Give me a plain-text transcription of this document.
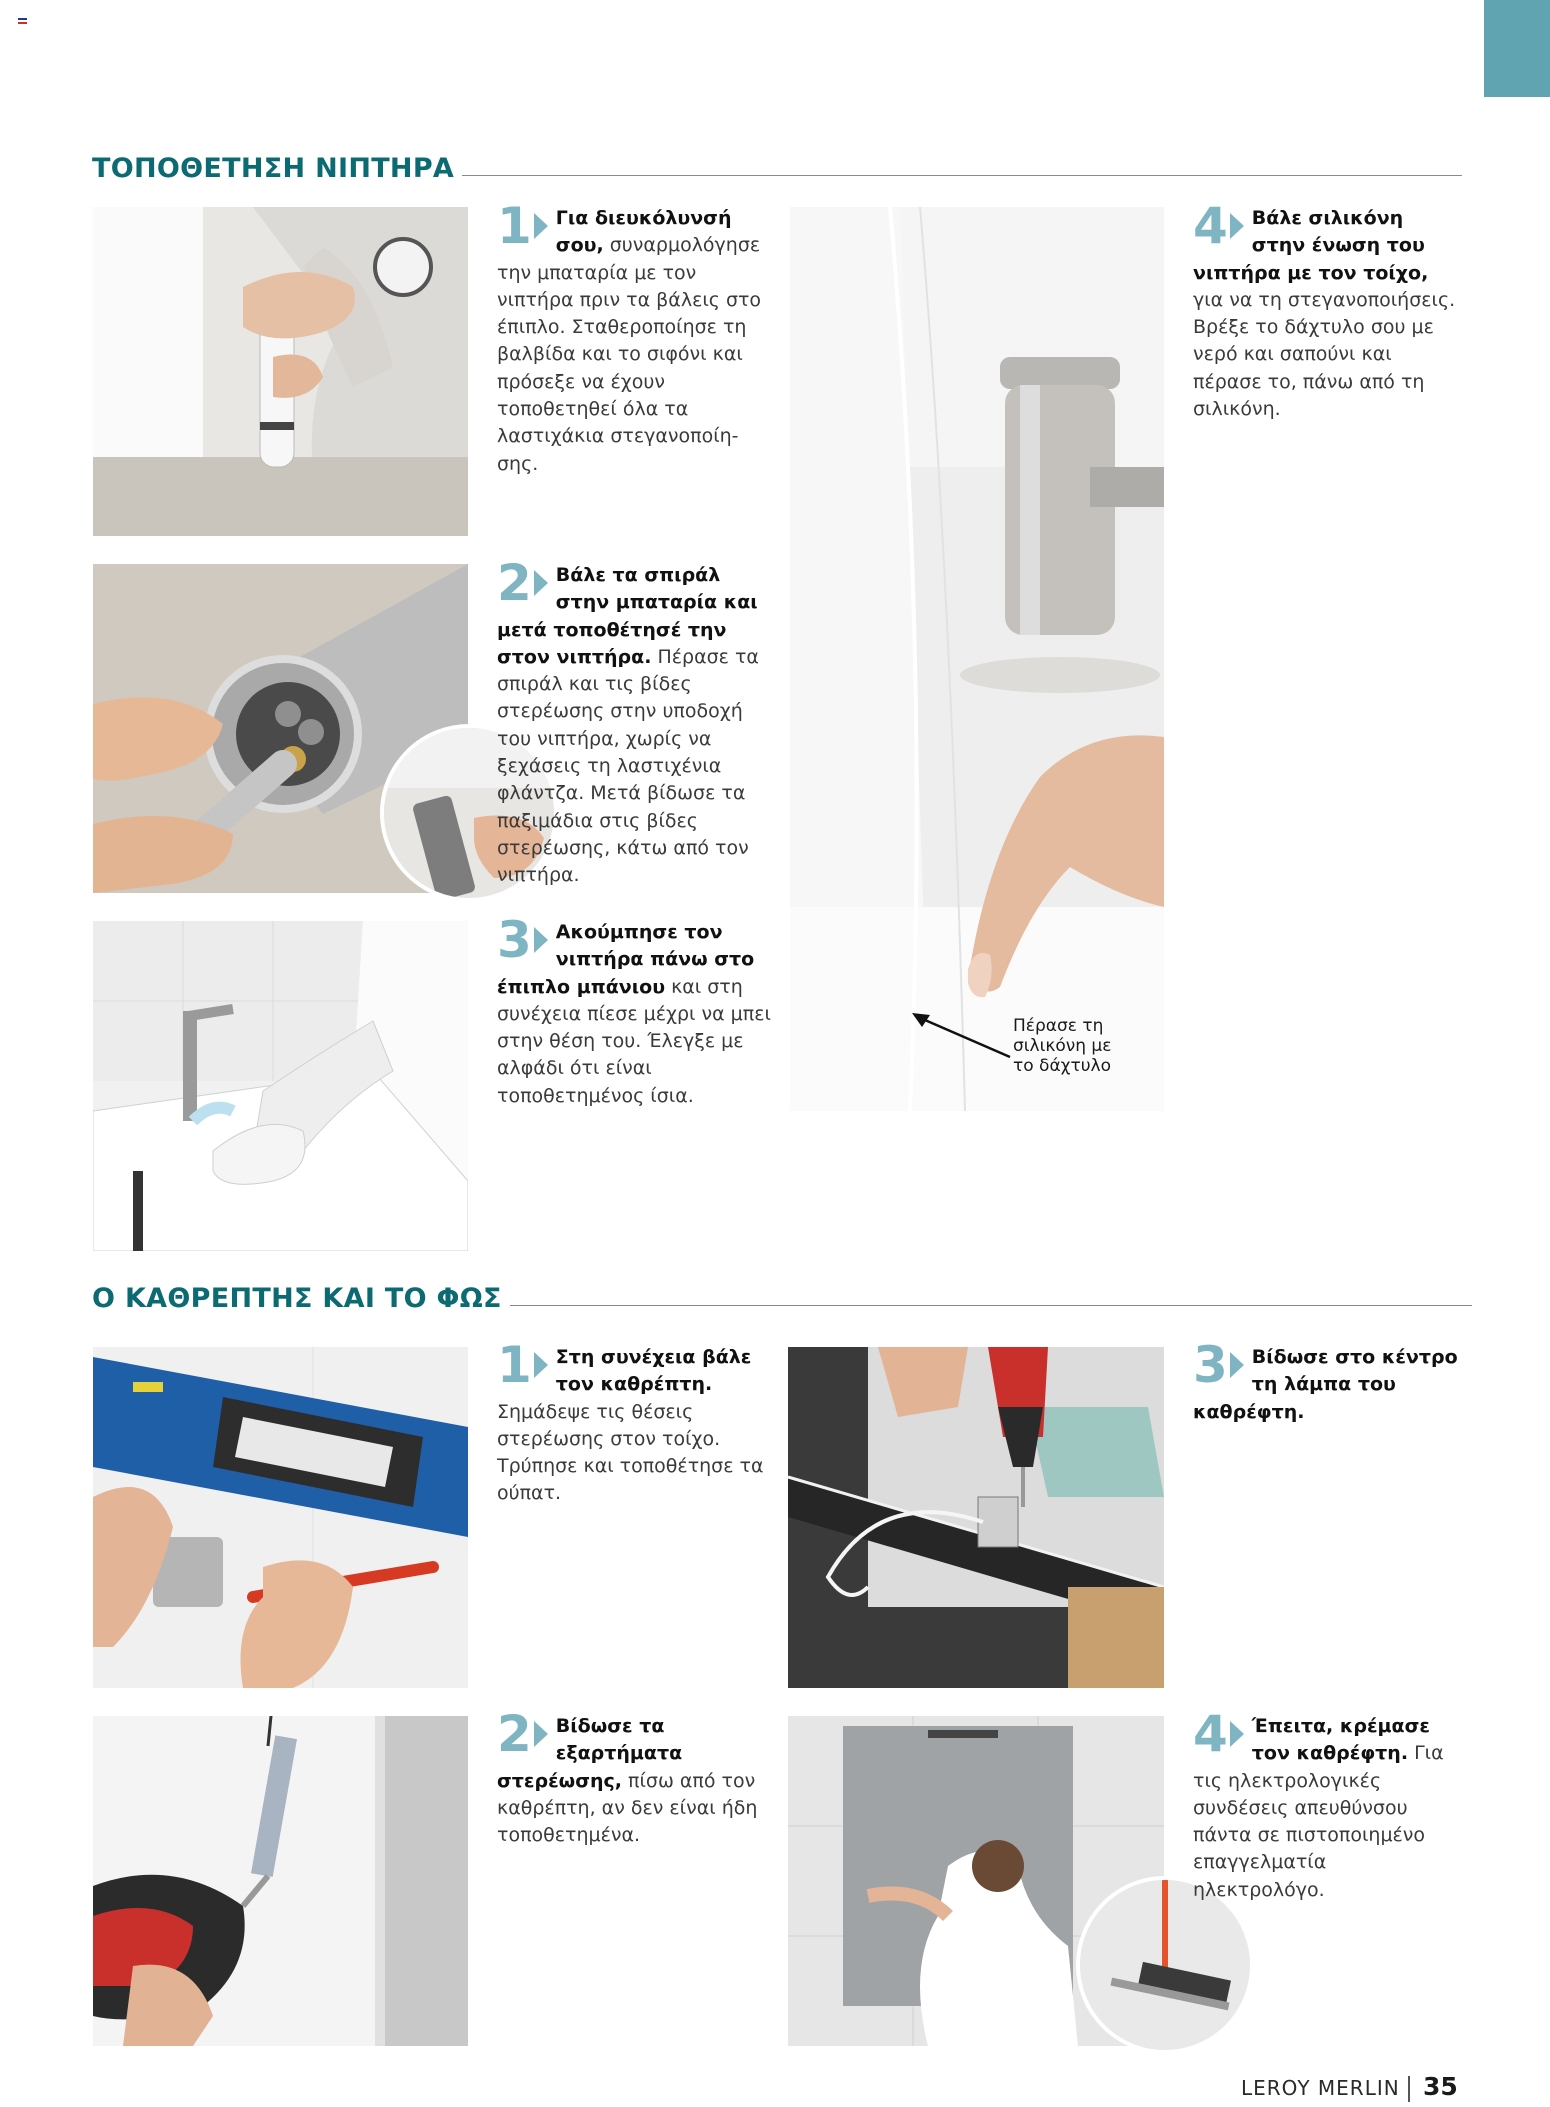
ΤΟΠΟΘΕΤΗΣΗ ΝΙΠΤΗΡΑ
1	Για διευκόλυνσή σου, συναρμολόγησε την μπαταρία με τον νιπτήρα πριν τα βάλεις στο έπιπλο. Σταθεροποίησε τη βαλβίδα και το σιφόνι και πρόσεξε να έχουν τοποθετηθεί όλα τα λαστιχάκια στεγανοποίη-σης.

Πέρασε τη σιλικόνη με το δάχτυλο
4	Βάλε σιλικόνη στην ένωση του νιπτήρα με τον τοίχο, για να τη στεγανοποιήσεις. Βρέξε το δάχτυλο σου με νερό και σαπούνι και πέρασε το, πάνω από τη σιλικόνη.

2	Βάλε τα σπιράλ στην μπαταρία και μετά τοποθέτησέ την στον νιπτήρα. Πέρασε τα σπιράλ και τις βίδες στερέωσης στην υποδοχή του νιπτήρα, χωρίς να ξεχάσεις τη λαστιχένια φλάντζα. Μετά βίδωσε τα παξιμάδια στις βίδες στερέωσης, κάτω από τον νιπτήρα.

3	Ακούμπησε τον νιπτήρα πάνω στο έπιπλο μπάνιου και στη συνέχεια πίεσε μέχρι να μπει στην θέση του. Έλεγξε με αλφάδι ότι είναι τοποθετημένος ίσια.

Ο ΚΑΘΡΕΠΤΗΣ ΚΑΙ ΤΟ ΦΩΣ
1	Στη συνέχεια βάλε τον καθρέπτη. Σημάδεψε τις θέσεις στερέωσης στον τοίχο. Τρύπησε και τοποθέτησε τα ούπατ.

3	Βίδωσε στο κέντρο τη λάμπα του καθρέφτη.

2	Βίδωσε τα εξαρτήματα στερέωσης, πίσω από τον καθρέπτη, αν δεν είναι ήδη τοποθετημένα.

4	Έπειτα, κρέμασε τον καθρέφτη. Για τις ηλεκτρολογικές συνδέσεις απευθύνσου πάντα σε πιστοποιημένο επαγγελματία ηλεκτρολόγο.

LEROY MERLIN 35
